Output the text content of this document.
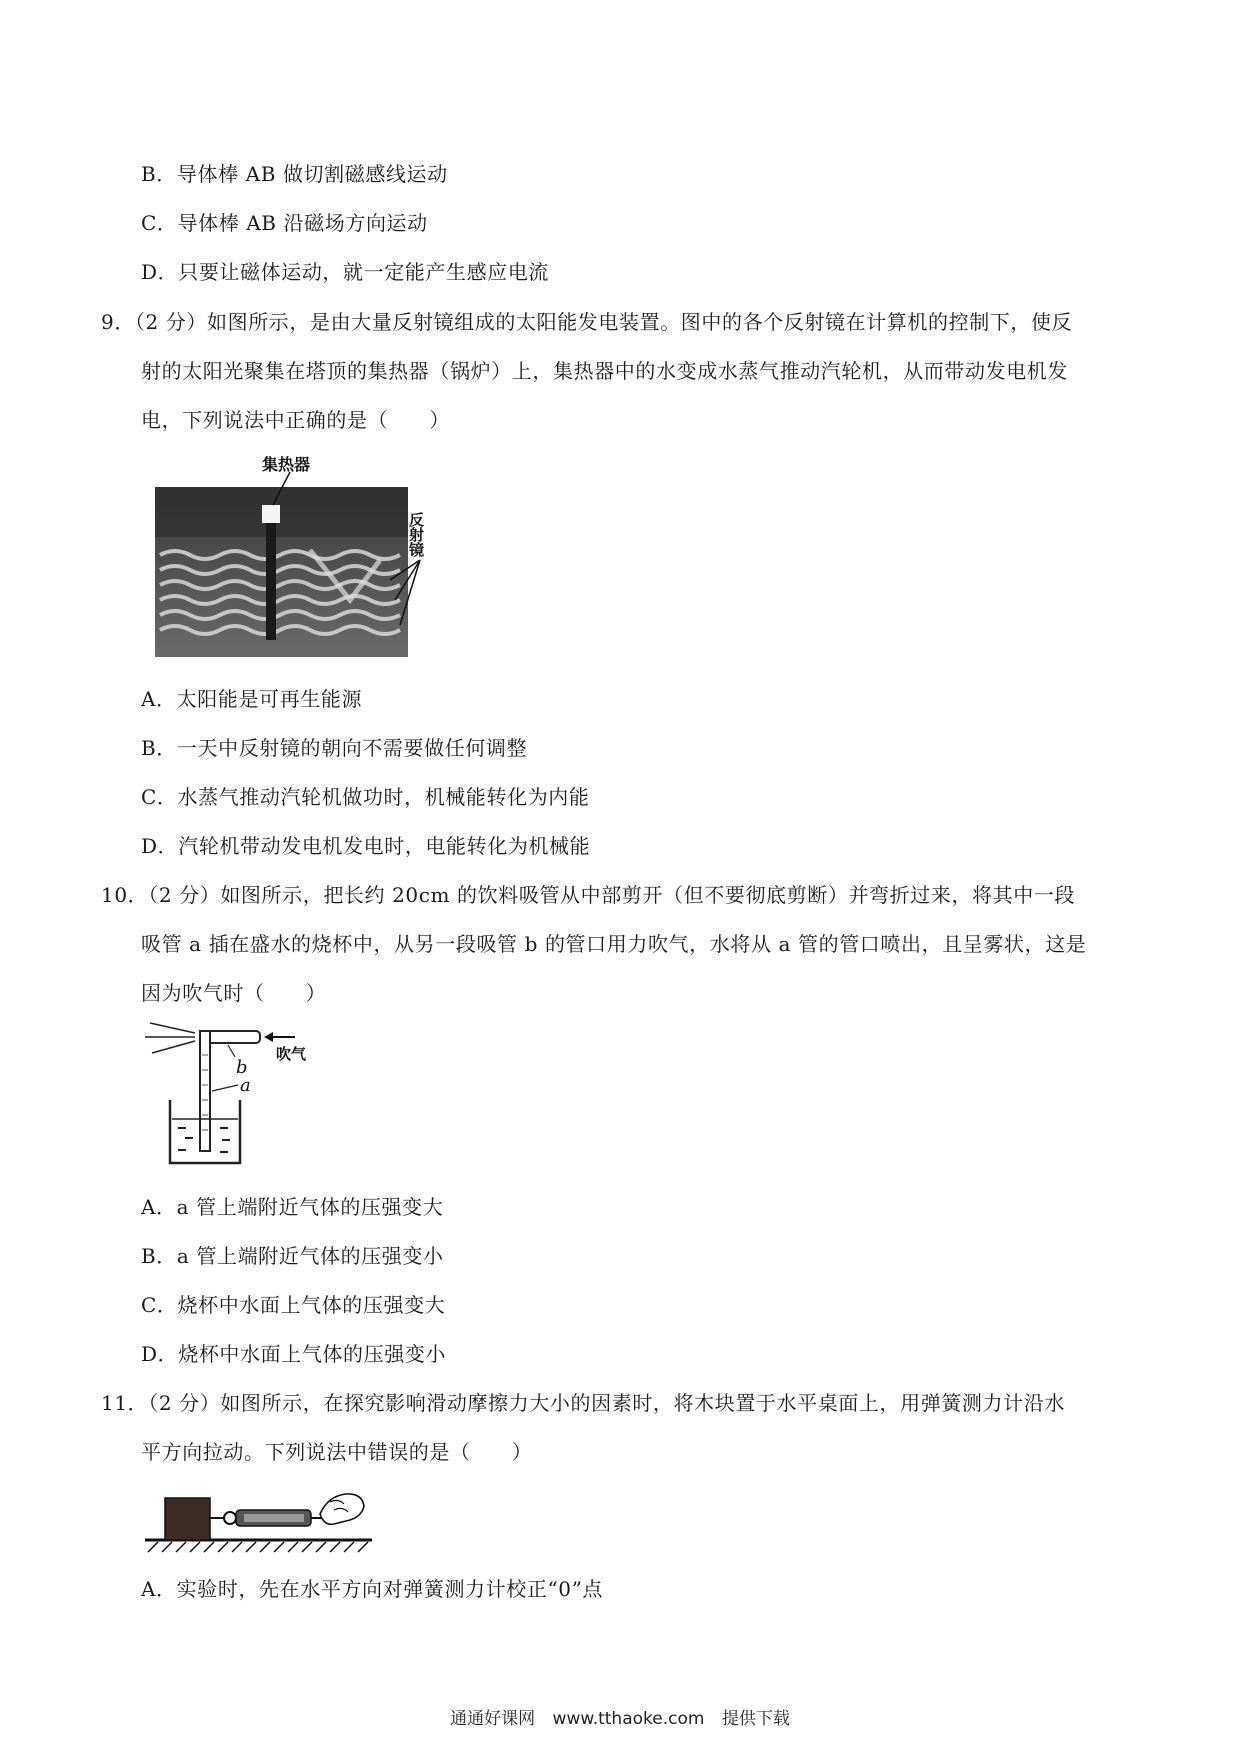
B．导体棒 AB 做切割磁感线运动
C．导体棒 AB 沿磁场方向运动
D．只要让磁体运动，就一定能产生感应电流
9．（2 分）如图所示，是由大量反射镜组成的太阳能发电装置。图中的各个反射镜在计算机的控制下，使反
射的太阳光聚集在塔顶的集热器（锅炉）上，集热器中的水变成水蒸气推动汽轮机，从而带动发电机发
电，下列说法中正确的是（　　）
集热器
反射镜
A．太阳能是可再生能源
B．一天中反射镜的朝向不需要做任何调整
C．水蒸气推动汽轮机做功时，机械能转化为内能
D．汽轮机带动发电机发电时，电能转化为机械能
10．（2 分）如图所示，把长约 20cm 的饮料吸管从中部剪开（但不要彻底剪断）并弯折过来，将其中一段
吸管 a 插在盛水的烧杯中，从另一段吸管 b 的管口用力吹气，水将从 a 管的管口喷出，且呈雾状，这是
因为吹气时（　　）
b
a
吹气
A．a 管上端附近气体的压强变大
B．a 管上端附近气体的压强变小
C．烧杯中水面上气体的压强变大
D．烧杯中水面上气体的压强变小
11．（2 分）如图所示，在探究影响滑动摩擦力大小的因素时，将木块置于水平桌面上，用弹簧测力计沿水
平方向拉动。下列说法中错误的是（　　）
A．实验时，先在水平方向对弹簧测力计校正“0”点
通通好课网 www.tthaoke.com 提供下载
